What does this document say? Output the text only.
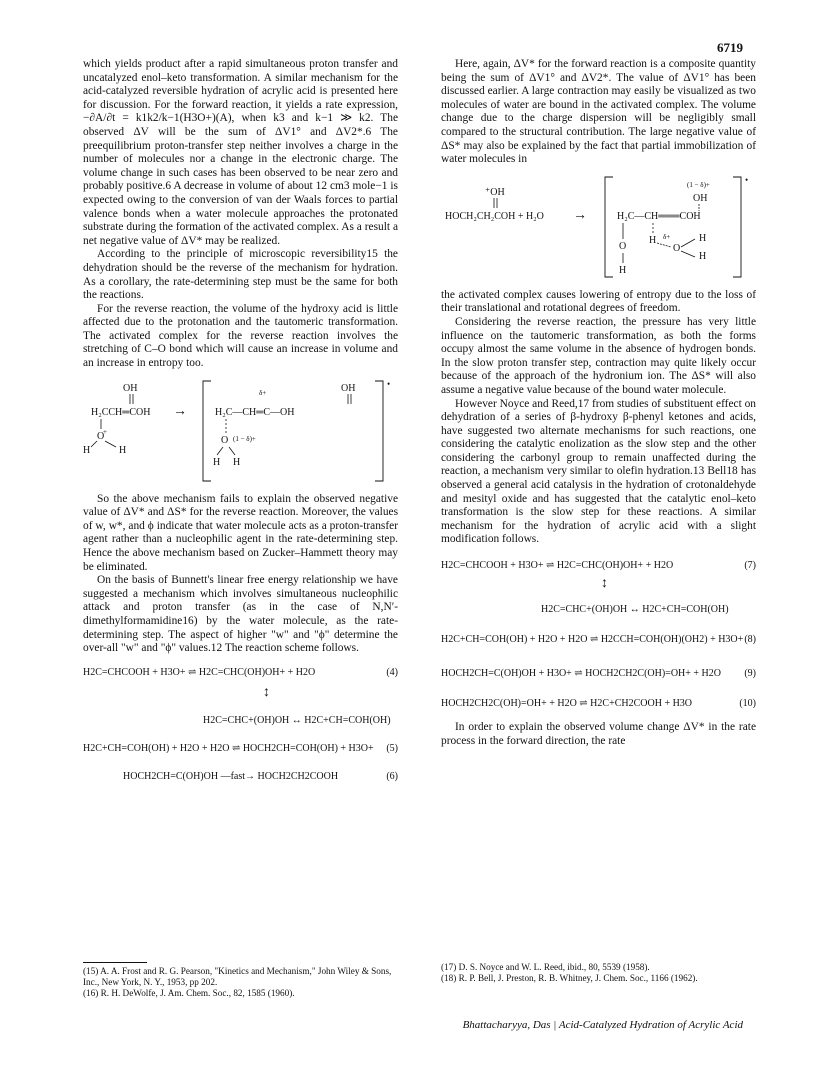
6719

which yields product after a rapid simultaneous proton transfer and uncatalyzed enol–keto transformation. A similar mechanism for the acid-catalyzed reversible hydration of acrylic acid is presented here for discussion. For the forward reaction, it yields a rate expression, −∂A/∂t = k1k2/k−1(H3O+)(A), when k3 and k−1 ≫ k2. The observed ΔV will be the sum of ΔV1° and ΔV2*.6 The preequilibrium proton-transfer step neither involves a charge in the number of molecules nor a change in the electronic charge. The volume change in such cases has been observed to be near zero and probably positive.6 A decrease in volume of about 12 cm3 mole−1 is expected owing to the conversion of van der Waals forces to partial valence bonds when a water molecule approaches the protonated substrate during the formation of the activated complex. As a result a net negative value of ΔV* may be realized.

According to the principle of microscopic reversibility15 the dehydration should be the reverse of the mechanism for hydration. As a corollary, the rate-determining step must be the same for both the reactions.

For the reverse reaction, the volume of the hydroxy acid is little affected due to the protonation and the tautomeric transformation. The activated complex for the reverse reaction involves the stretching of C–O bond which will cause an increase in volume and an increase in entropy too.

OH
H₂CCH═COH
O
+
H	H
→
•
δ+	OH
H₂C—CH═C—OH
O (1 − δ)+
H H

So the above mechanism fails to explain the observed negative value of ΔV* and ΔS* for the reverse reaction. Moreover, the values of w, w*, and ϕ indicate that water molecule acts as a proton-transfer agent rather than a nucleophilic agent in the rate-determining step. Hence the above mechanism based on Zucker–Hammett theory may be eliminated.

On the basis of Bunnett's linear free energy relationship we have suggested a mechanism which involves simultaneous nucleophilic attack and proton transfer (as in the case of N,N′-dimethylformamidine16) by the water molecule, as the rate-determining step. The aspect of higher "w" and "ϕ" determine the over-all "w" and "ϕ" values.12 The reaction scheme follows.

H2C=CHCOOH + H3O+ ⇌ H2C=CHC(OH)OH+ + H2O	(4)
↕
H2C=CHC+(OH)OH ↔ H2C+CH=COH(OH)
H2C+CH=COH(OH) + H2O + H2O ⇌ HOCH2CH=COH(OH) + H3O+ (5)
HOCH2CH=C(OH)OH —fast→ HOCH2CH2COOH	(6)

Here, again, ΔV* for the forward reaction is a composite quantity being the sum of ΔV1° and ΔV2*. The value of ΔV1° has been discussed earlier. A large contraction may easily be visualized as two molecules of water are bound in the activated complex. The volume change due to the charge dispersion will be negligibly small compared to the structural contribution. The large negative value of ΔS* may also be explained by the fact that partial immobilization of water molecules in

⁺OH
HOCH₂CH₂COH + H₂O →
•
(1 − δ)+
OH
H₂C—CH═══COH
O
H δ+
O
H
H
H

the activated complex causes lowering of entropy due to the loss of their translational and rotational degrees of freedom.

Considering the reverse reaction, the pressure has very little influence on the tautomeric transformation, as both the forms occupy almost the same volume in the absence of hydrogen bonds. In the slow proton transfer step, contraction may quite likely occur because of the approach of the hydronium ion. The ΔS* will also assume a negative value because of the bound water molecule.

However Noyce and Reed,17 from studies of substituent effect on dehydration of a series of β-hydroxy β-phenyl ketones and acids, have suggested two alternate mechanisms for such reactions, one considering the catalytic enolization as the slow step and the other considering the carbonyl group to remain unaffected during the reaction, a mechanism very similar to olefin hydration.13 Bell18 has observed a general acid catalysis in the hydration of crotonaldehyde and mesityl oxide and has suggested that the catalytic enol–keto transformation is the slow step for these reactions. A similar mechanism for the hydration of acrylic acid with a slight modification follows.

H2C=CHCOOH + H3O+ ⇌ H2C=CHC(OH)OH+ + H2O	(7)
↕
H2C=CHC+(OH)OH ↔ H2C+CH=COH(OH)
H2C+CH=COH(OH) + H2O + H2O ⇌ H2CCH=COH(OH)(OH2) + H3O+ (8)
HOCH2CH=C(OH)OH + H3O+ ⇌ HOCH2CH2C(OH)=OH+ + H2O (9)
HOCH2CH2C(OH)=OH+ + H2O ⇌ H2C+CH2COOH + H3O	(10)

In order to explain the observed volume change ΔV* in the rate process in the forward direction, the rate

(15) A. A. Frost and R. G. Pearson, "Kinetics and Mechanism," John Wiley & Sons, Inc., New York, N. Y., 1953, pp 202.
(16) R. H. DeWolfe, J. Am. Chem. Soc., 82, 1585 (1960).
(17) D. S. Noyce and W. L. Reed, ibid., 80, 5539 (1958).
(18) R. P. Bell, J. Preston, R. B. Whitney, J. Chem. Soc., 1166 (1962).
Bhattacharyya, Das | Acid-Catalyzed Hydration of Acrylic Acid
